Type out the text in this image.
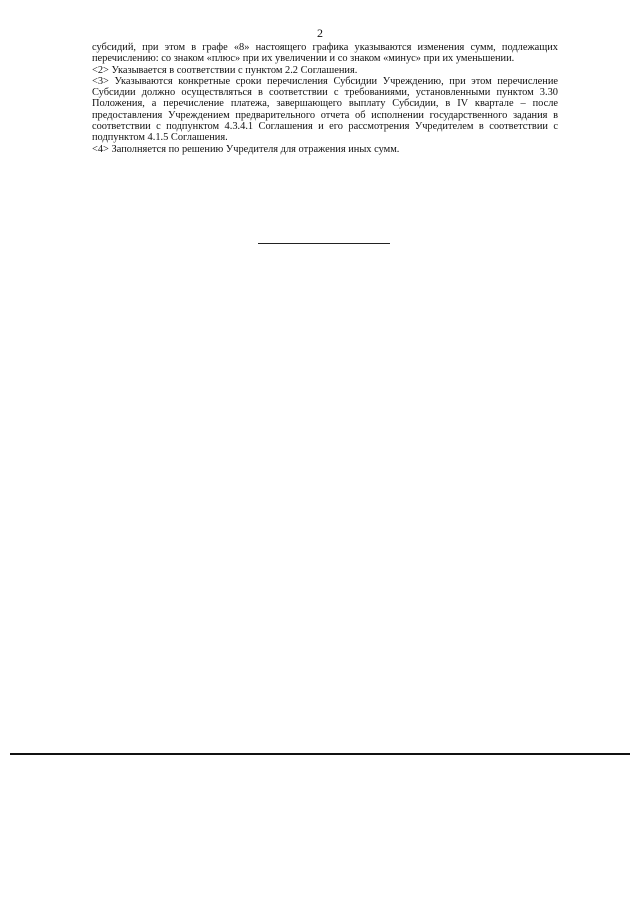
2

субсидий, при этом в графе «8» настоящего графика указываются изменения сумм, подлежащих перечислению: со знаком «плюс» при их увеличении и со знаком «минус» при их уменьшении.

<2> Указывается в соответствии с пунктом 2.2 Соглашения.

<3> Указываются конкретные сроки перечисления Субсидии Учреждению, при этом перечисление Субсидии должно осуществляться в соответствии с требованиями, установленными пунктом 3.30 Положения, а перечисление платежа, завершающего выплату Субсидии, в IV квартале – после предоставления Учреждением предварительного отчета об исполнении государственного задания в соответствии с подпунктом 4.3.4.1 Соглашения и его рассмотрения Учредителем в соответствии с подпунктом 4.1.5 Соглашения.

<4> Заполняется по решению Учредителя для отражения иных сумм.
